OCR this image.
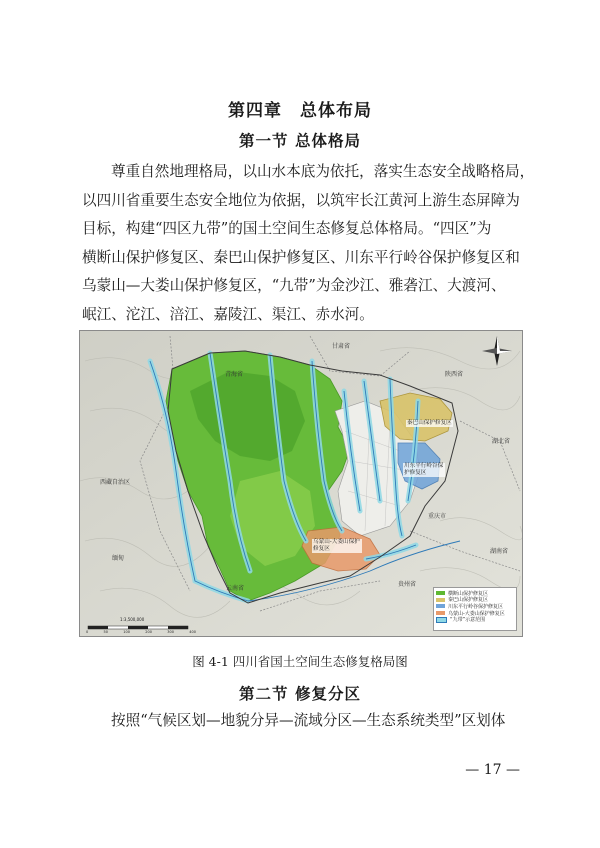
第四章　总体布局
第一节 总体格局

尊重自然地理格局，以山水本底为依托，落实生态安全战略格局，
以四川省重要生态安全地位为依据，以筑牢长江黄河上游生态屏障为
目标，构建“四区九带”的国土空间生态修复总体格局。“四区”为
横断山保护修复区、秦巴山保护修复区、川东平行岭谷保护修复区和
乌蒙山—大娄山保护修复区，“九带”为金沙江、雅砻江、大渡河、
岷江、沱江、涪江、嘉陵江、渠江、赤水河。

青海省
甘肃省
陕西省
湖北省
西藏自治区
重庆市
湖南省
贵州省
云南省
缅甸
秦巴山保护修复区
川东平行岭谷保护修复区
乌蒙山-大娄山保护修复区
横断山保护修复区
秦巴山保护修复区
川东平行岭谷保护修复区
乌蒙山-大娄山保护修复区
“九带”示意范围
1:3,500,000
0	50	100	200	300	400
图 4-1 四川省国土空间生态修复格局图
第二节 修复分区

按照“气候区划—地貌分异—流域分区—生态系统类型”区划体

— 17 —
